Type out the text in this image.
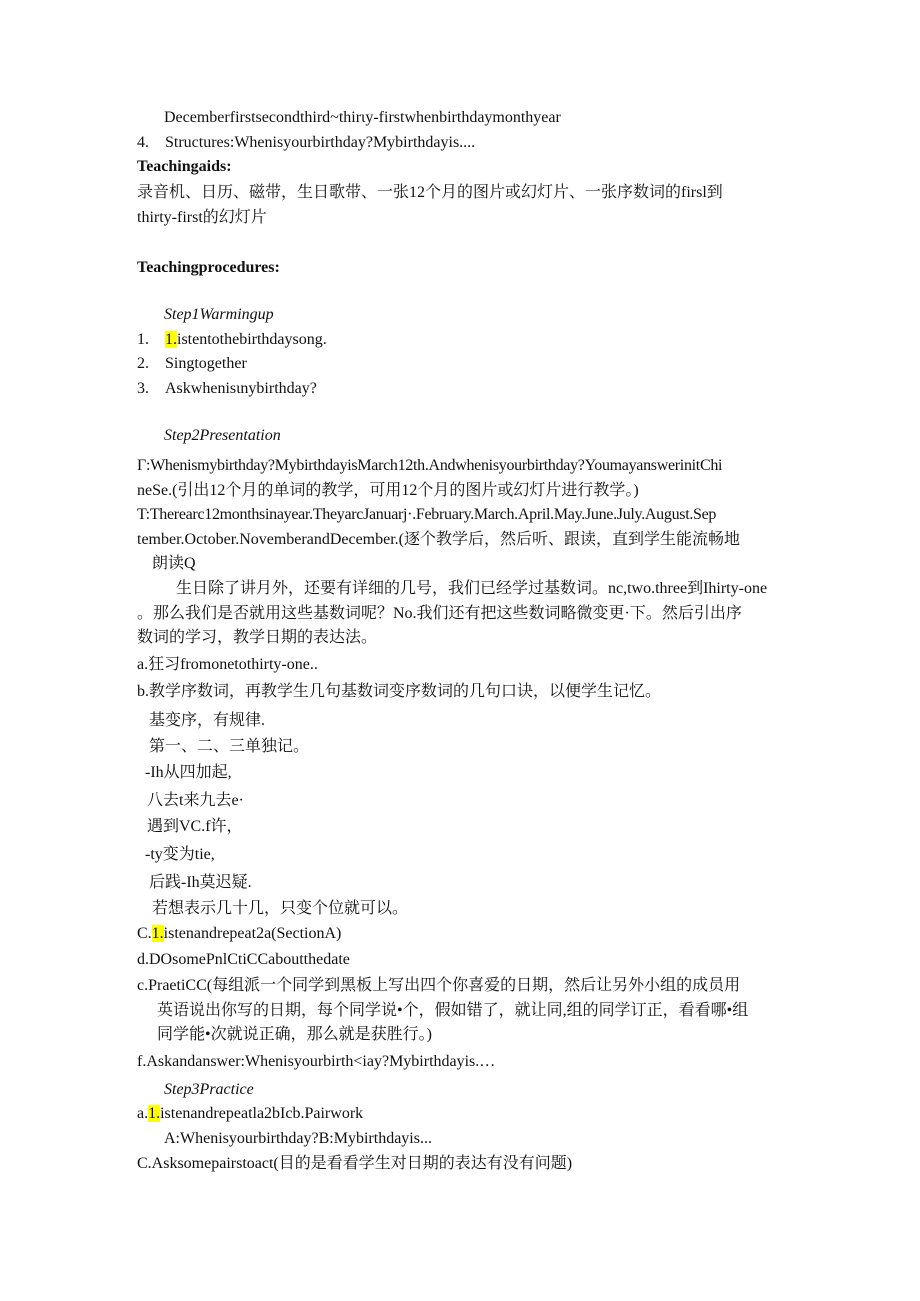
Decemberfirstsecondthird~thirιy-firstwhenbirthdaymonthyear
4. Structures:Whenisyourbirthday?Mybirthdayis....
Teachingaids:
录音机、日历、磁带，生日歌带、一张12个月的图片或幻灯片、一张序数词的firsl到
thirty-first的幻灯片
Teachingprocedures:
Step1Warmingup
1. 1.istentothebirthdaysong.
2. Singtogether
3. Askwhenisιnybirthday?
Step2Presentation
Γ:Whenismybirthday?MybirthdayisMarch12th.Andwhenisyourbirthday?YoumayanswerinitChi
neSe.(引出12个月的单词的教学，可用12个月的图片或幻灯片进行教学。)
T:Therearc12monthsinayear.TheyarcJanuarj·.February.March.April.May.June.July.August.Sep
tember.October.NovemberandDecember.(逐个教学后，然后听、跟读，直到学生能流畅地
朗读Q
生日除了讲月外，还要有详细的几号，我们已经学过基数词。nc,two.three到Ihirty-one
。那么我们是否就用这些基数词呢？No.我们还有把这些数词略微变更·下。然后引出序
数词的学习，教学日期的表达法。
a.狂习fromonetothirty-one..
b.教学序数词，再教学生几句基数词变序数词的几句口诀，以便学生记忆。
基变序，有规律.
第一、二、三单独记。
-Ih从四加起,
八去t来九去e·
遇到VC.f许，
-ty变为tie,
后践-Ih莫迟疑.
若想表示几十几，只变个位就可以。
C.1.istenandrepeat2a(SectionA)
d.DOsomePnlCtiCCaboutthedate
c.PraetiCC(每组派一个同学到黑板上写出四个你喜爱的日期，然后让另外小组的成员用
英语说出你写的日期，每个同学说•个，假如错了，就让同,组的同学订正，看看哪•组
同学能•次就说正确，那么就是获胜行。)
f.Askandanswer:Whenisyourbirth<iay?Mybirthdayis.…
Step3Practice
a.1.istenandrepeatla2bIcb.Pairwork
A:Whenisyourbirthday?B:Mybirthdayis...
C.Asksomepairstoact(目的是看看学生对日期的表达有没有问题)
